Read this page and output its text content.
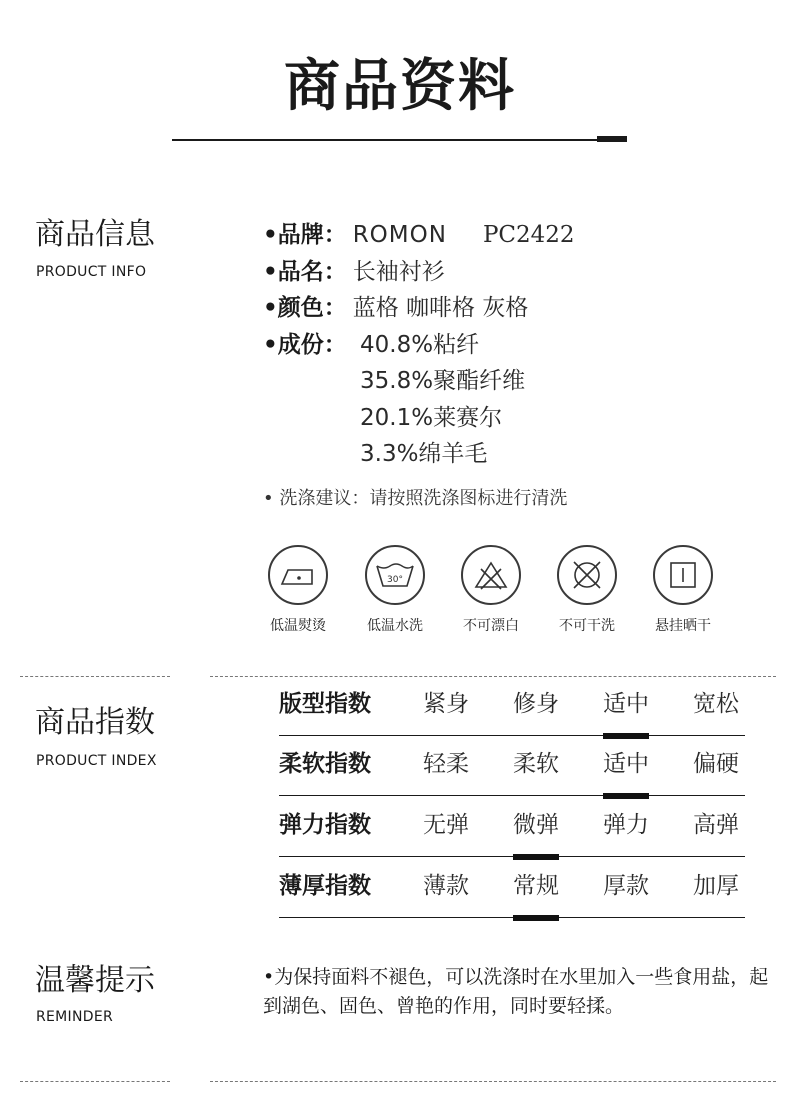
商品资料
商品信息
PRODUCT INFO
•品牌： ROMON PC2422
•品名： 长袖衬衫
•颜色： 蓝格 咖啡格 灰格
•成份： 40.8%粘纤
35.8%聚酯纤维
20.1%莱赛尔
3.3%绵羊毛
• 洗涤建议：请按照洗涤图标进行清洗
低温熨烫
30°
低温水洗	不可漂白	不可干洗	悬挂晒干
商品指数
PRODUCT INDEX
版型指数	紧身	修身	适中	宽松
柔软指数	轻柔	柔软	适中	偏硬
弹力指数	无弹	微弹	弹力	高弹
薄厚指数	薄款	常规	厚款	加厚
温馨提示
REMINDER
•为保持面料不褪色，可以洗涤时在水里加入一些食用盐，起到湖色、固色、曾艳的作用，同时要轻揉。
